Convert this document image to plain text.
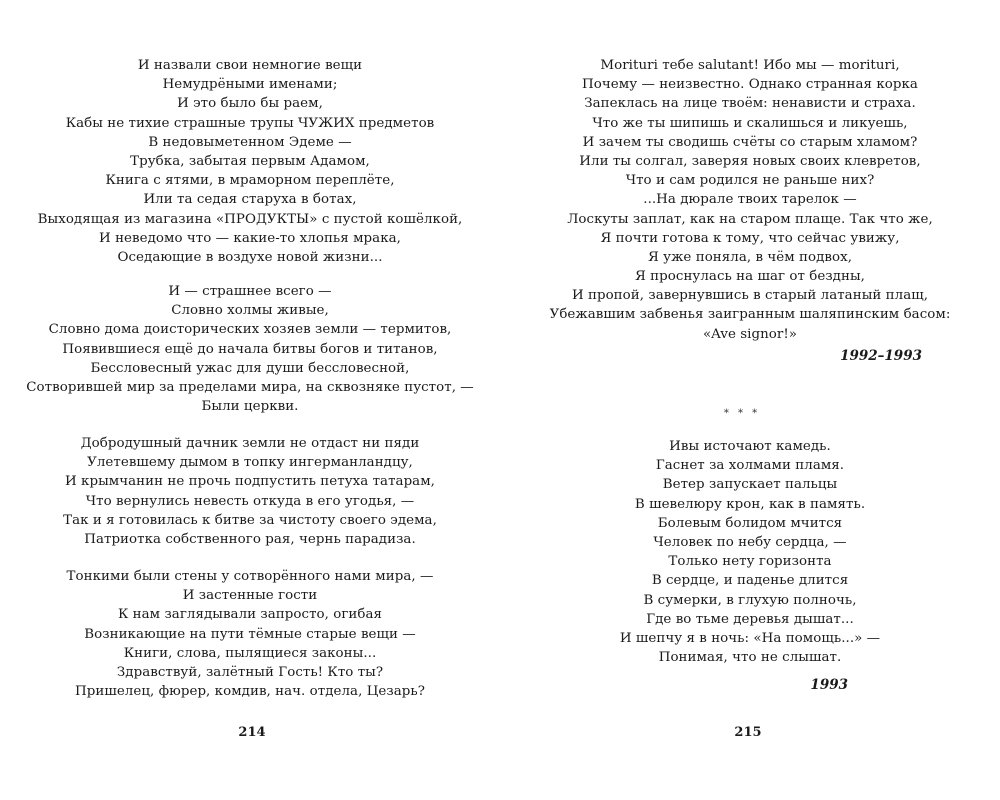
И назвали свои немногие вещи
Немудрёными именами;
И это было бы раем,
Кабы не тихие страшные трупы ЧУЖИХ предметов
В недовыметенном Эдеме —
Трубка, забытая первым Адамом,
Книга с ятями, в мраморном переплёте,
Или та седая старуха в ботах,
Выходящая из магазина «ПРОДУКТЫ» с пустой кошёлкой,
И неведомо что — какие-то хлопья мрака,
Оседающие в воздухе новой жизни...
И — страшнее всего —
Словно холмы живые,
Словно дома доисторических хозяев земли — термитов,
Появившиеся ещё до начала битвы богов и титанов,
Бессловесный ужас для души бессловесной,
Сотворившей мир за пределами мира, на сквозняке пустот, —
Были церкви.
Добродушный дачник земли не отдаст ни пяди
Улетевшему дымом в топку ингерманландцу,
И крымчанин не прочь подпустить петуха татарам,
Что вернулись невесть откуда в его угодья, —
Так и я готовилась к битве за чистоту своего эдема,
Патриотка собственного рая, чернь парадиза.
Тонкими были стены у сотворённого нами мира, —
И застенные гости
К нам заглядывали запросто, огибая
Возникающие на пути тёмные старые вещи —
Книги, слова, пылящиеся законы...
Здравствуй, залётный Гость! Кто ты?
Пришелец, фюрер, комдив, нач. отдела, Цезарь?
214
Morituri тебе salutant! Ибо мы — morituri,
Почему — неизвестно. Однако странная корка
Запеклась на лице твоём: ненависти и страха.
Что же ты шипишь и скалишься и ликуешь,
И зачем ты сводишь счёты со старым хламом?
Или ты солгал, заверяя новых своих клевретов,
Что и сам родился не раньше них?
...На дюрале твоих тарелок —
Лоскуты заплат, как на старом плаще. Так что же,
Я почти готова к тому, что сейчас увижу,
Я уже поняла, в чём подвох,
Я проснулась на шаг от бездны,
И пропой, завернувшись в старый латаный плащ,
Убежавшим забвенья заигранным шаляпинским басом:
«Ave signor!»
1992–1993
* * *
Ивы источают камедь.
Гаснет за холмами пламя.
Ветер запускает пальцы
В шевелюру крон, как в память.
Болевым болидом мчится
Человек по небу сердца, —
Только нету горизонта
В сердце, и паденье длится
В сумерки, в глухую полночь,
Где во тьме деревья дышат...
И шепчу я в ночь: «На помощь...» —
Понимая, что не слышат.
1993
215
